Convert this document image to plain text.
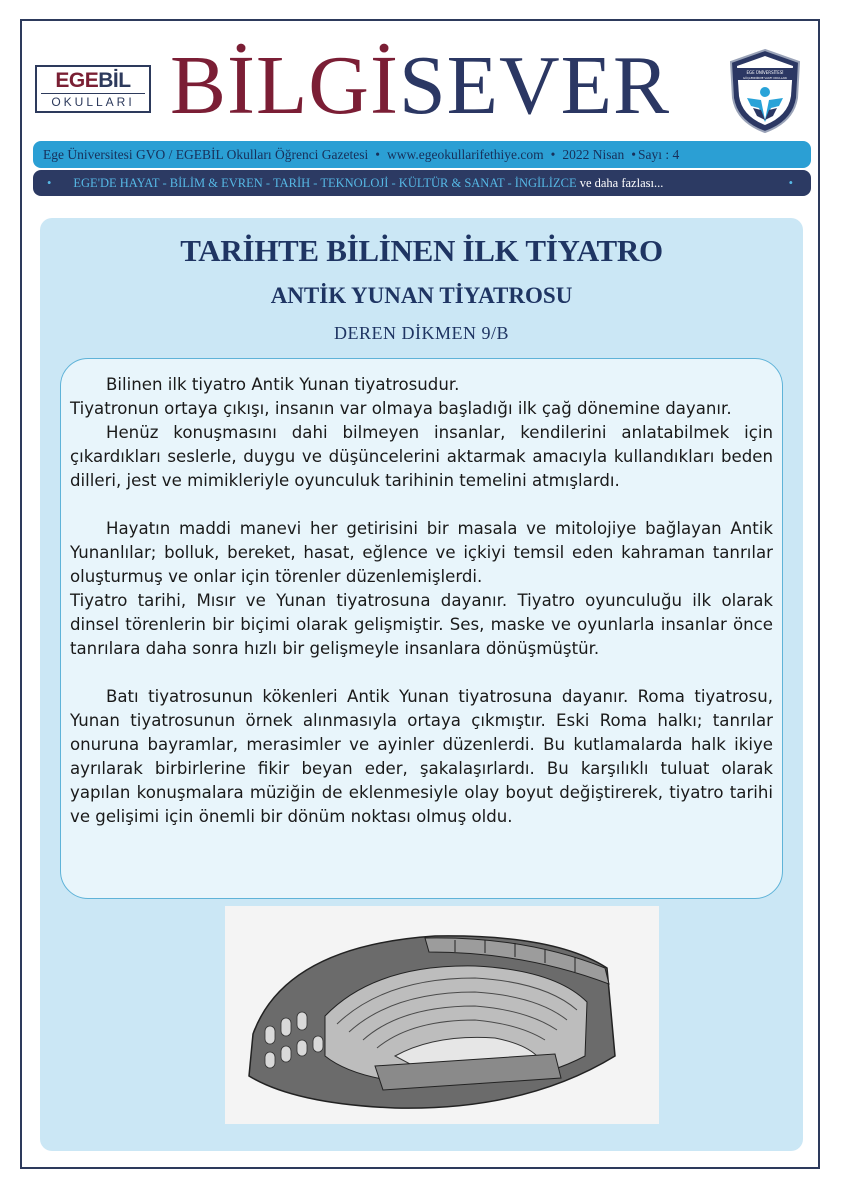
EGEBİL
OKULLARI BİLGİSEVER	EGE ÜNİVERSİTESİ
GÜÇLENDİRME VAKFI OKULLARI
Ege Üniversitesi GVO / EGEBİL Okulları Öğrenci Gazetesi • www.egeokullarifethiye.com • 2022 Nisan • Sayı : 4
• EGE'DE HAYAT - BİLİM & EVREN - TARİH - TEKNOLOJİ - KÜLTÜR & SANAT - İNGİLİZCE ve daha fazlası...	•
TARİHTE BİLİNEN İLK TİYATRO
ANTİK YUNAN TİYATROSU
DEREN DİKMEN 9/B

Bilinen ilk tiyatro Antik Yunan tiyatrosudur.

Tiyatronun ortaya çıkışı, insanın var olmaya başladığı ilk çağ dönemine dayanır.

Henüz konuşmasını dahi bilmeyen insanlar, kendilerini anlatabilmek için çıkardıkları seslerle, duygu ve düşüncelerini aktarmak amacıyla kullandıkları beden dilleri, jest ve mimikleriyle oyunculuk tarihinin temelini atmışlardı.

Hayatın maddi manevi her getirisini bir masala ve mitolojiye bağlayan Antik Yunanlılar; bolluk, bereket, hasat, eğlence ve içkiyi temsil eden kahraman tanrılar oluşturmuş ve onlar için törenler düzenlemişlerdi.

Tiyatro tarihi, Mısır ve Yunan tiyatrosuna dayanır. Tiyatro oyunculuğu ilk olarak dinsel törenlerin bir biçimi olarak gelişmiştir. Ses, maske ve oyunlarla insanlar önce tanrılara daha sonra hızlı bir gelişmeyle insanlara dönüşmüştür.

Batı tiyatrosunun kökenleri Antik Yunan tiyatrosuna dayanır. Roma tiyatrosu, Yunan tiyatrosunun örnek alınmasıyla ortaya çıkmıştır. Eski Roma halkı; tanrılar onuruna bayramlar, merasimler ve ayinler düzenlerdi. Bu kutlamalarda halk ikiye ayrılarak birbirlerine fikir beyan eder, şakalaşırlardı. Bu karşılıklı tuluat olarak yapılan konuşmalara müziğin de eklenmesiyle olay boyut değiştirerek, tiyatro tarihi ve gelişimi için önemli bir dönüm noktası olmuş oldu.
